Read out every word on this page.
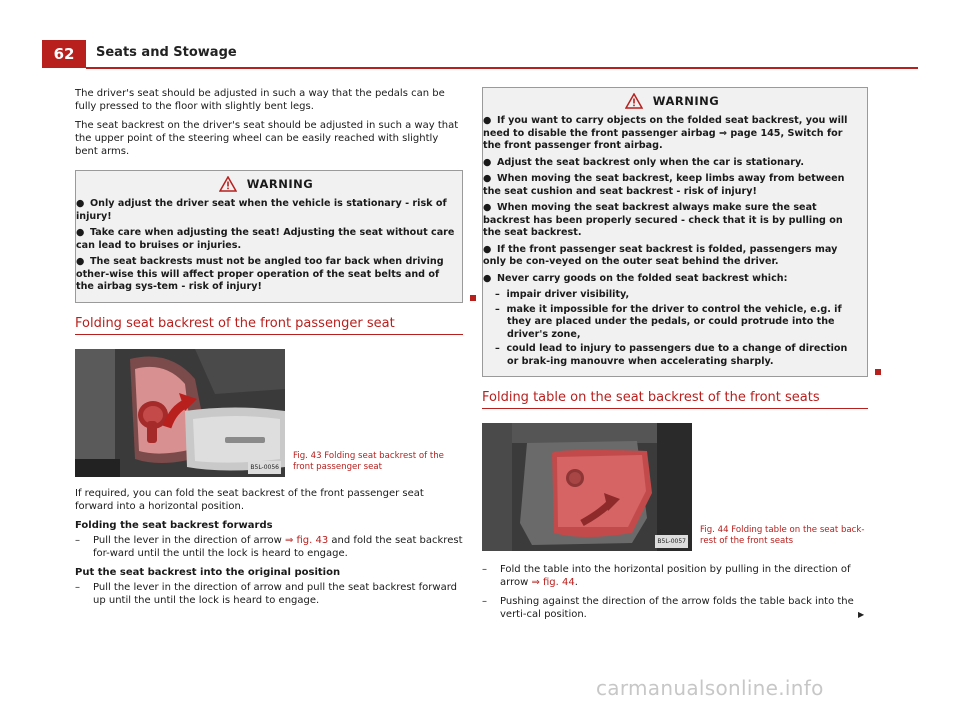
62	Seats and Stowage

The driver's seat should be adjusted in such a way that the pedals can be fully pressed to the floor with slightly bent legs.

The seat backrest on the driver's seat should be adjusted in such a way that the upper point of the steering wheel can be easily reached with slightly bent arms.

WARNING
● Only adjust the driver seat when the vehicle is stationary - risk of injury!
● Take care when adjusting the seat! Adjusting the seat without care can lead to bruises or injuries.
● The seat backrests must not be angled too far back when driving other-wise this will affect proper operation of the seat belts and of the airbag sys-tem - risk of injury!
Folding seat backrest of the front passenger seat
B5L-0056
Fig. 43 Folding seat backrest of the front passenger seat

If required, you can fold the seat backrest of the front passenger seat forward into a horizontal position.

Folding the seat backrest forwards
– Pull the lever in the direction of arrow ⇒ fig. 43 and fold the seat backrest for-ward until the until the lock is heard to engage.
Put the seat backrest into the original position
– Pull the lever in the direction of arrow and pull the seat backrest forward up until the until the lock is heard to engage.
WARNING
● If you want to carry objects on the folded seat backrest, you will need to disable the front passenger airbag ⇒ page 145, Switch for the front passenger front airbag.
● Adjust the seat backrest only when the car is stationary.
● When moving the seat backrest, keep limbs away from between the seat cushion and seat backrest - risk of injury!
● When moving the seat backrest always make sure the seat backrest has been properly secured - check that it is by pulling on the seat backrest.
● If the front passenger seat backrest is folded, passengers may only be con-veyed on the outer seat behind the driver.
● Never carry goods on the folded seat backrest which:
– impair driver visibility,
– make it impossible for the driver to control the vehicle, e.g. if they are placed under the pedals, or could protrude into the driver's zone,
– could lead to injury to passengers due to a change of direction or brak-ing manouvre when accelerating sharply.
Folding table on the seat backrest of the front seats
B5L-0057
Fig. 44 Folding table on the seat back-rest of the front seats
– Fold the table into the horizontal position by pulling in the direction of arrow ⇒ fig. 44.
– Pushing against the direction of the arrow folds the table back into the verti-cal position.	▶
carmanualsonline.info
